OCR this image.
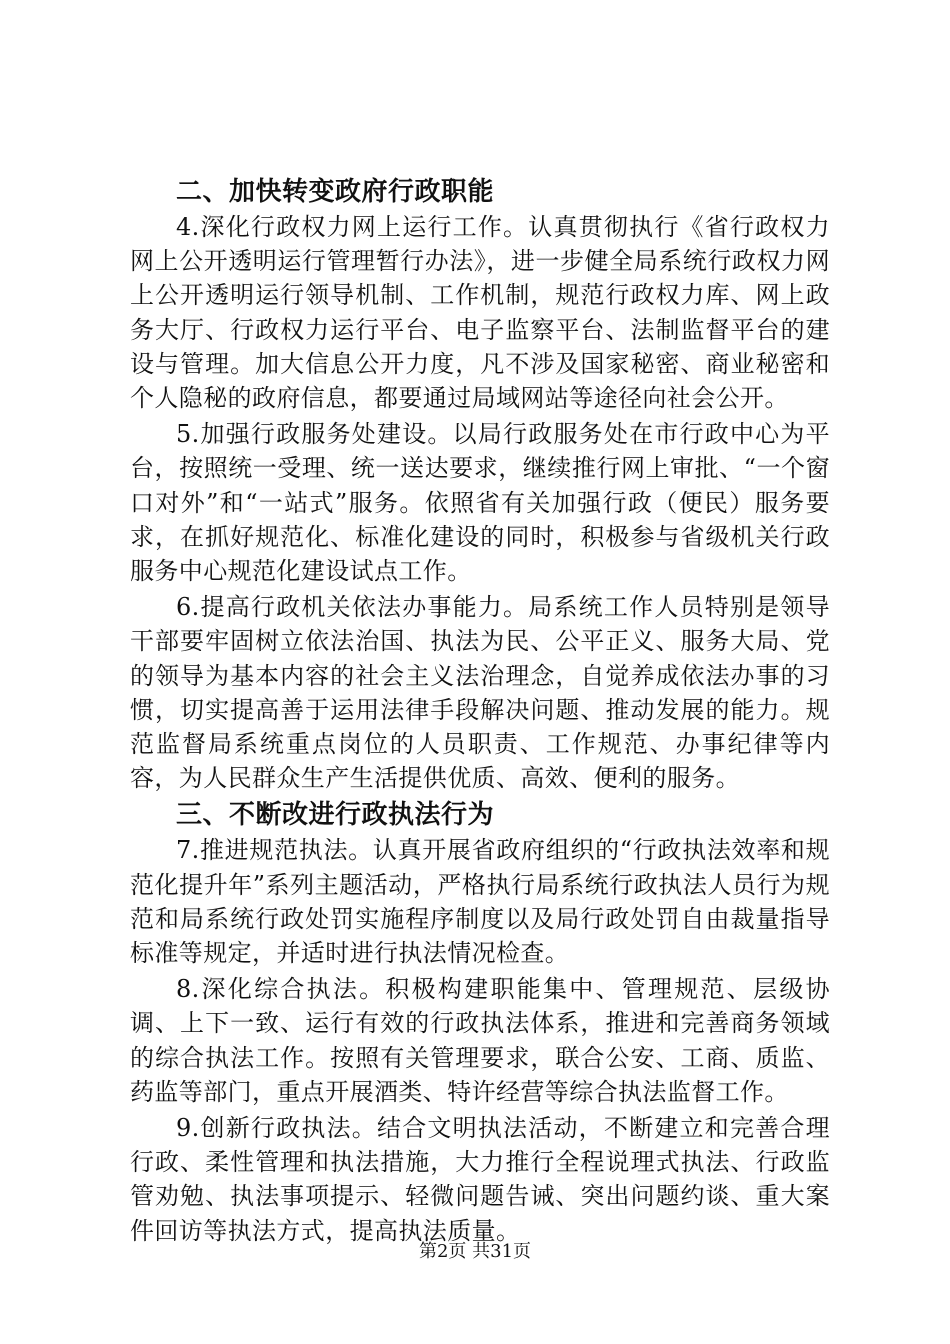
二、加快转变政府行政职能

4.深化行政权力网上运行工作。认真贯彻执行《省行政权力网上公开透明运行管理暂行办法》，进一步健全局系统行政权力网上公开透明运行领导机制、工作机制，规范行政权力库、网上政务大厅、行政权力运行平台、电子监察平台、法制监督平台的建设与管理。加大信息公开力度，凡不涉及国家秘密、商业秘密和个人隐秘的政府信息，都要通过局域网站等途径向社会公开。

5.加强行政服务处建设。以局行政服务处在市行政中心为平台，按照统一受理、统一送达要求，继续推行网上审批、“一个窗口对外”和“一站式”服务。依照省有关加强行政（便民）服务要求，在抓好规范化、标准化建设的同时，积极参与省级机关行政服务中心规范化建设试点工作。

6.提高行政机关依法办事能力。局系统工作人员特别是领导干部要牢固树立依法治国、执法为民、公平正义、服务大局、党的领导为基本内容的社会主义法治理念，自觉养成依法办事的习惯，切实提高善于运用法律手段解决问题、推动发展的能力。规范监督局系统重点岗位的人员职责、工作规范、办事纪律等内容，为人民群众生产生活提供优质、高效、便利的服务。

三、不断改进行政执法行为

7.推进规范执法。认真开展省政府组织的“行政执法效率和规范化提升年”系列主题活动，严格执行局系统行政执法人员行为规范和局系统行政处罚实施程序制度以及局行政处罚自由裁量指导标准等规定，并适时进行执法情况检查。

8.深化综合执法。积极构建职能集中、管理规范、层级协调、上下一致、运行有效的行政执法体系，推进和完善商务领域的综合执法工作。按照有关管理要求，联合公安、工商、质监、药监等部门，重点开展酒类、特许经营等综合执法监督工作。

9.创新行政执法。结合文明执法活动，不断建立和完善合理行政、柔性管理和执法措施，大力推行全程说理式执法、行政监管劝勉、执法事项提示、轻微问题告诫、突出问题约谈、重大案件回访等执法方式，提高执法质量。

第2页 共31页
